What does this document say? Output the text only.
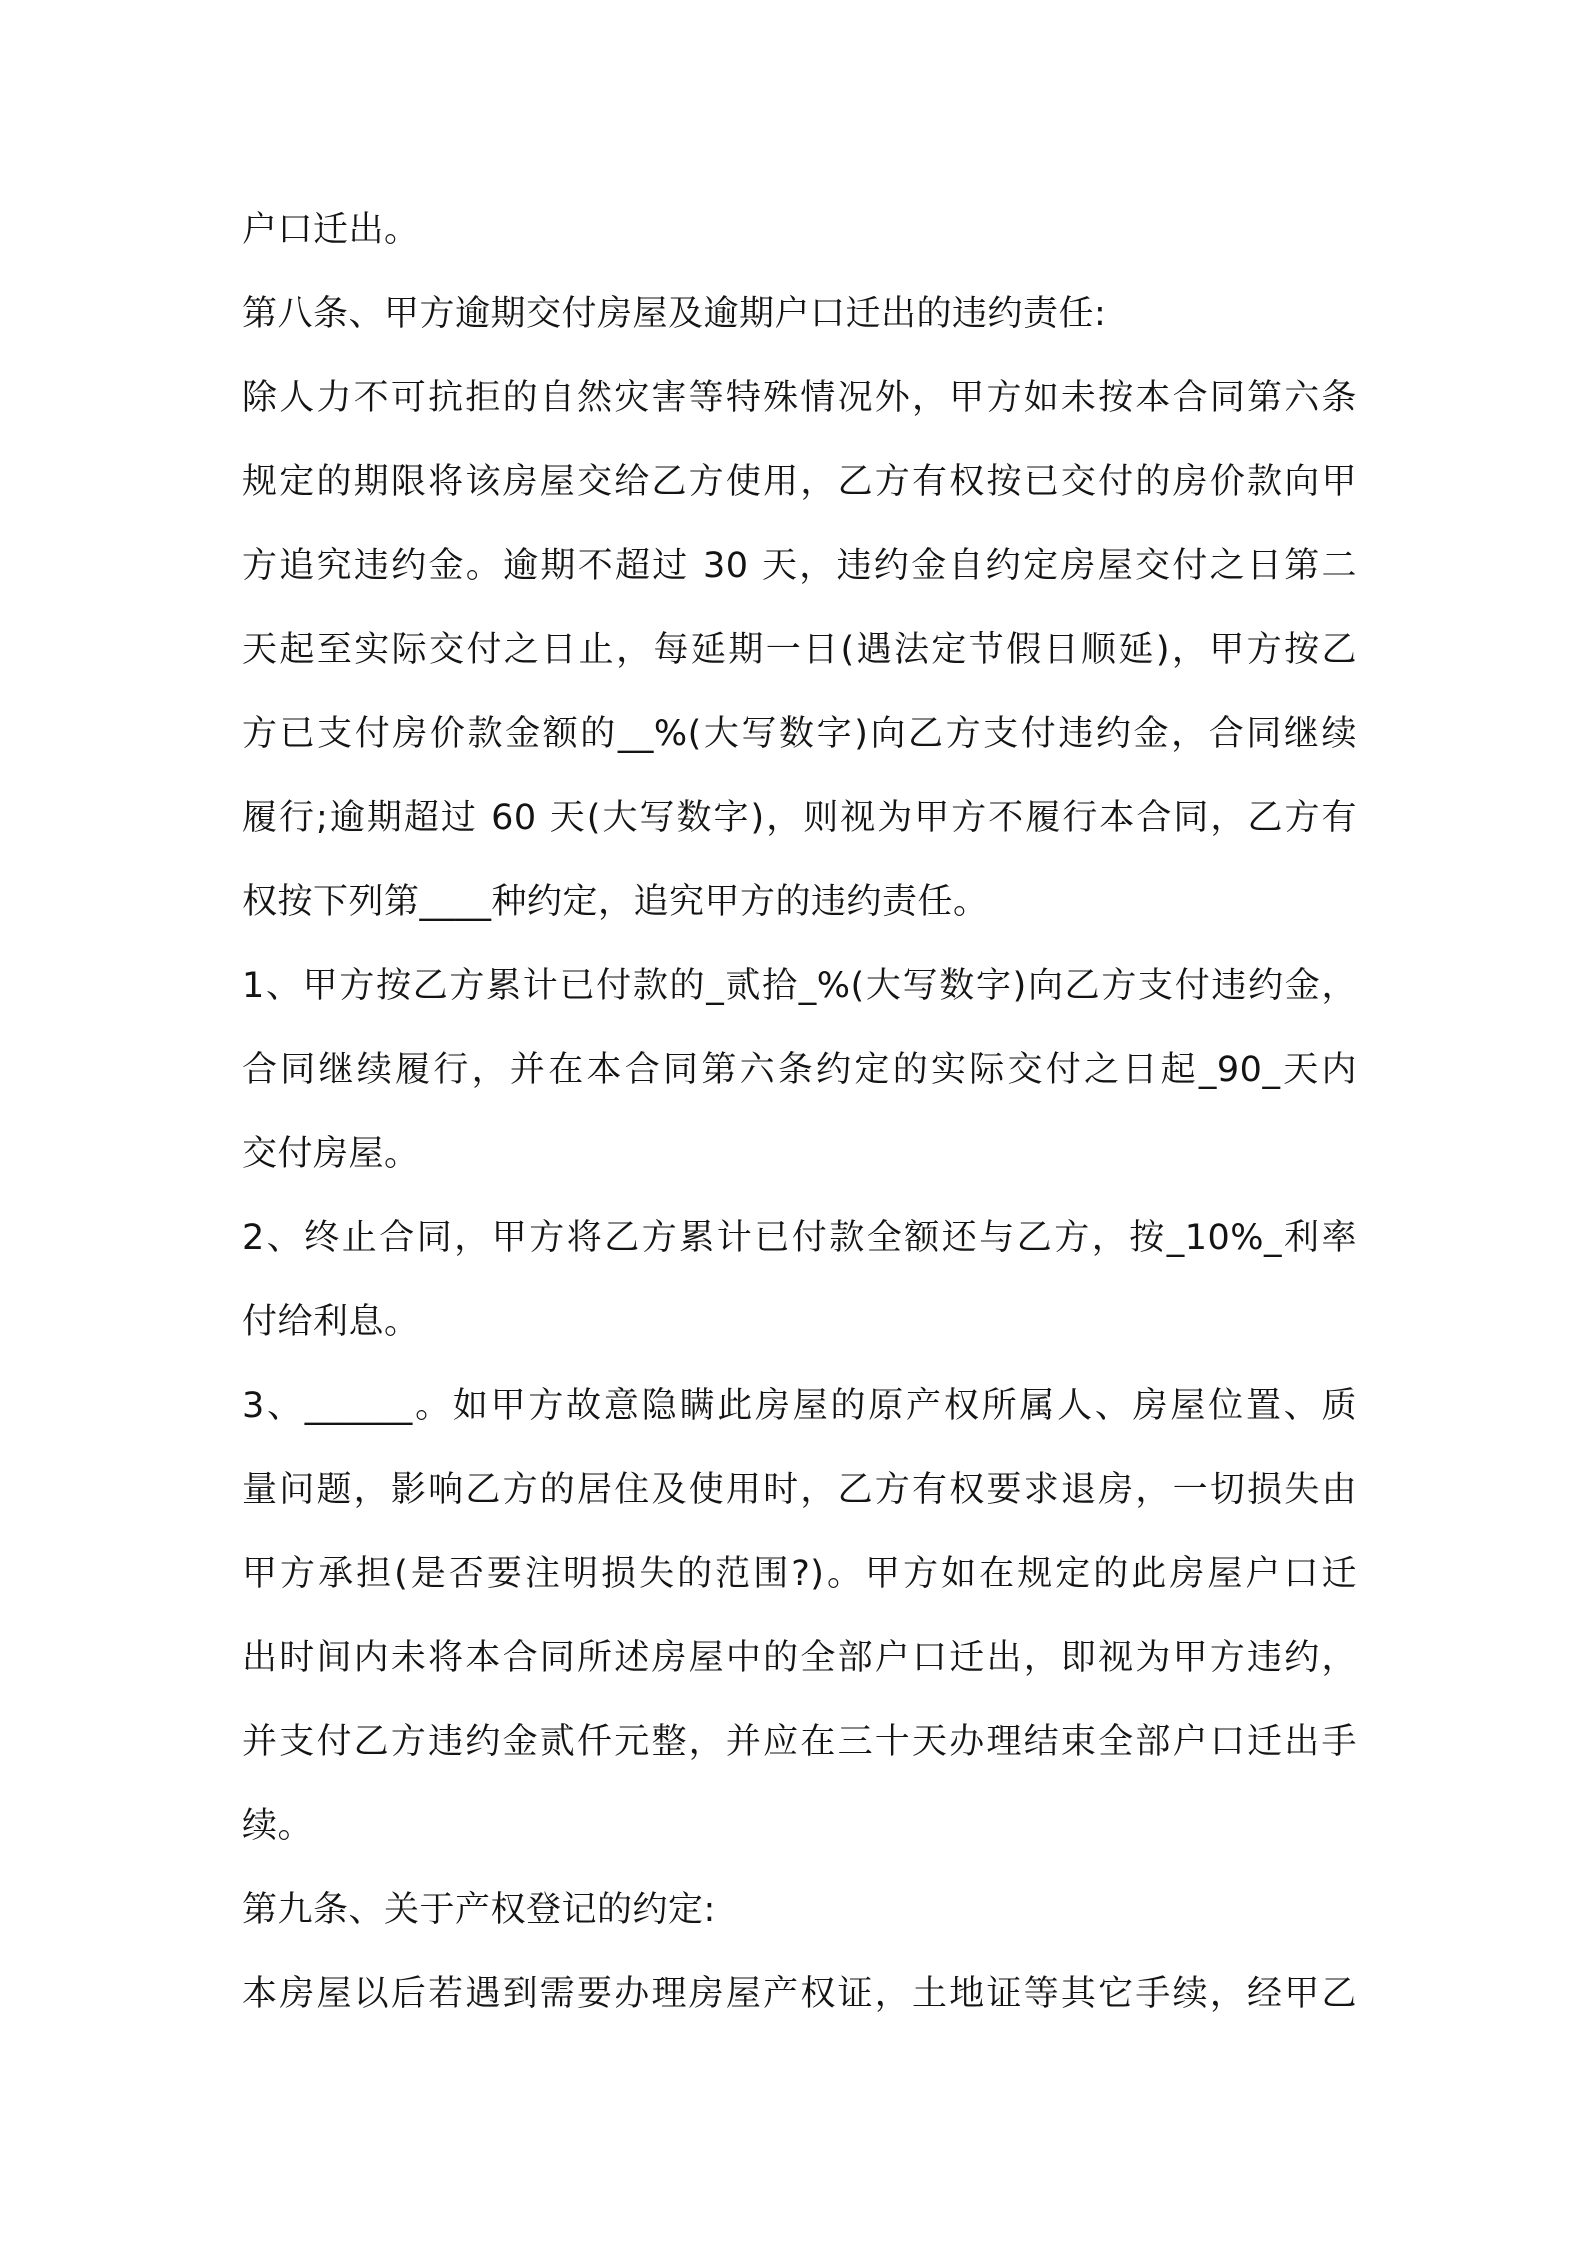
户口迁出。
第八条、甲方逾期交付房屋及逾期户口迁出的违约责任:
除人力不可抗拒的自然灾害等特殊情况外，甲方如未按本合同第六条
规定的期限将该房屋交给乙方使用，乙方有权按已交付的房价款向甲
方追究违约金。逾期不超过 30 天，违约金自约定房屋交付之日第二
天起至实际交付之日止，每延期一日(遇法定节假日顺延)，甲方按乙
方已支付房价款金额的__%(大写数字)向乙方支付违约金，合同继续
履行;逾期超过 60 天(大写数字)，则视为甲方不履行本合同，乙方有
权按下列第____种约定，追究甲方的违约责任。
1、甲方按乙方累计已付款的_贰拾_%(大写数字)向乙方支付违约金，
合同继续履行，并在本合同第六条约定的实际交付之日起_90_天内
交付房屋。
2、终止合同，甲方将乙方累计已付款全额还与乙方，按_10%_利率
付给利息。
3、______。如甲方故意隐瞒此房屋的原产权所属人、房屋位置、质
量问题，影响乙方的居住及使用时，乙方有权要求退房，一切损失由
甲方承担(是否要注明损失的范围?)。甲方如在规定的此房屋户口迁
出时间内未将本合同所述房屋中的全部户口迁出，即视为甲方违约，
并支付乙方违约金贰仟元整，并应在三十天办理结束全部户口迁出手
续。
第九条、关于产权登记的约定:
本房屋以后若遇到需要办理房屋产权证，土地证等其它手续，经甲乙
